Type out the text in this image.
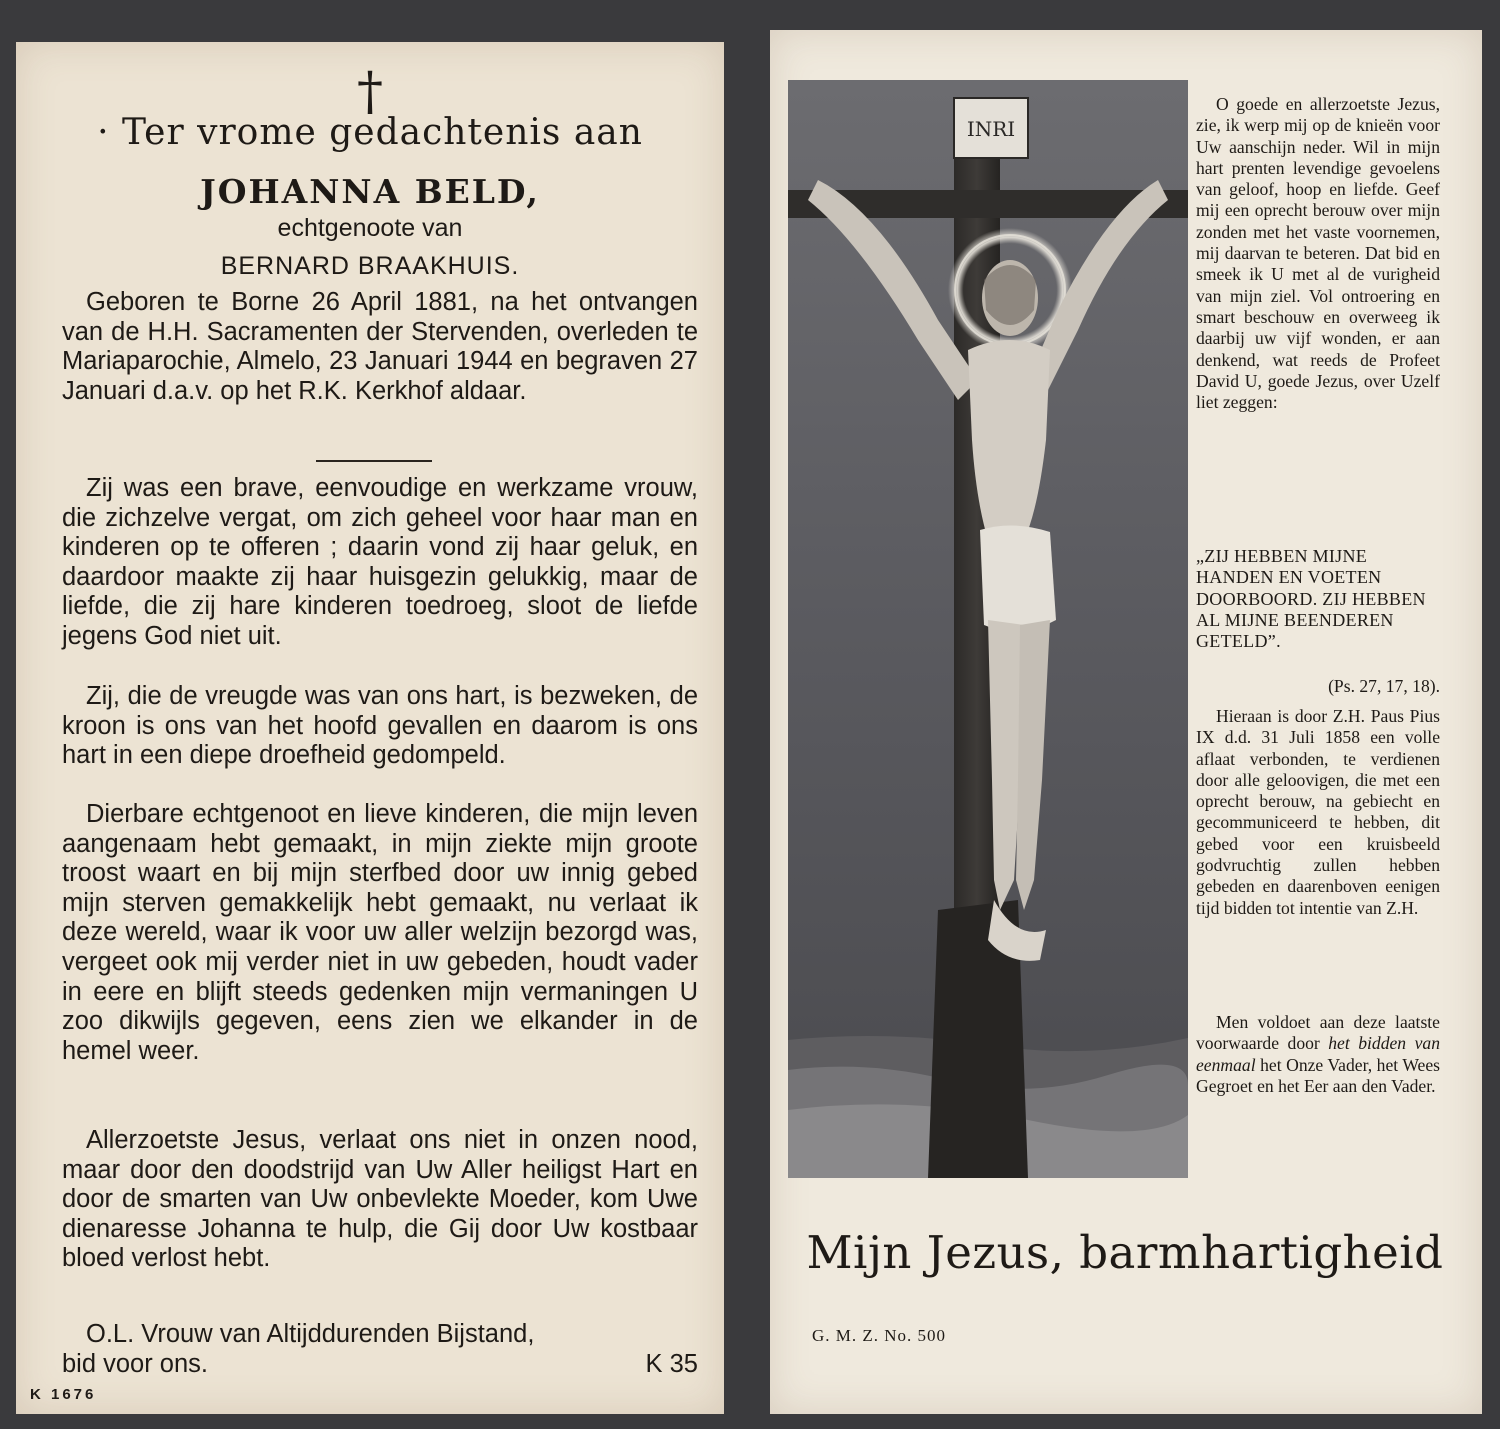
†
· Ter vrome gedachtenis aan
JOHANNA BELD,
echtgenoote van
BERNARD BRAAKHUIS.
Geboren te Borne 26 April 1881, na het ontvangen van de H.H. Sacramenten der Stervenden, overleden te Mariaparochie, Almelo, 23 Januari 1944 en begraven 27 Januari d.a.v. op het R.K. Kerkhof aldaar.
Zij was een brave, eenvoudige en werkzame vrouw, die zichzelve vergat, om zich geheel voor haar man en kinderen op te offeren ; daarin vond zij haar geluk, en daardoor maakte zij haar huisgezin gelukkig, maar de liefde, die zij hare kinderen toedroeg, sloot de liefde jegens God niet uit.
Zij, die de vreugde was van ons hart, is bezweken, de kroon is ons van het hoofd gevallen en daarom is ons hart in een diepe droefheid gedompeld.
Dierbare echtgenoot en lieve kinderen, die mijn leven aangenaam hebt gemaakt, in mijn ziekte mijn groote troost waart en bij mijn sterfbed door uw innig gebed mijn sterven gemakkelijk hebt gemaakt, nu verlaat ik deze wereld, waar ik voor uw aller welzijn bezorgd was, vergeet ook mij verder niet in uw gebeden, houdt vader in eere en blijft steeds gedenken mijn vermaningen U zoo dikwijls gegeven, eens zien we elkander in de hemel weer.
Allerzoetste Jesus, verlaat ons niet in onzen nood, maar door den doodstrijd van Uw Aller heiligst Hart en door de smarten van Uw onbevlekte Moeder, kom Uwe dienaresse Johanna te hulp, die Gij door Uw kostbaar bloed verlost hebt.
O.L. Vrouw van Altijddurenden Bijstand,
bid voor ons.	K 35
K 1676
INRI
O goede en allerzoetste Jezus, zie, ik werp mij op de knieën voor Uw aanschijn neder. Wil in mijn hart prenten levendige gevoelens van geloof, hoop en liefde. Geef mij een oprecht berouw over mijn zonden met het vaste voornemen, mij daarvan te beteren. Dat bid en smeek ik U met al de vurigheid van mijn ziel. Vol ontroering en smart beschouw en overweeg ik daarbij uw vijf wonden, er aan denkend, wat reeds de Profeet David U, goede Jezus, over Uzelf liet zeggen:
„ZIJ HEBBEN MIJNE HANDEN EN VOETEN DOORBOORD. ZIJ HEBBEN AL MIJNE BEENDEREN GETELD”.
(Ps. 27, 17, 18).
Hieraan is door Z.H. Paus Pius IX d.d. 31 Juli 1858 een volle aflaat verbonden, te verdienen door alle geloovigen, die met een oprecht berouw, na gebiecht en gecommuniceerd te hebben, dit gebed voor een kruisbeeld godvruchtig zullen hebben gebeden en daarenboven eenigen tijd bidden tot intentie van Z.H.
Men voldoet aan deze laatste voorwaarde door het bidden van eenmaal het Onze Vader, het Wees Gegroet en het Eer aan den Vader.
Mijn Jezus, barmhartigheid
G. M. Z. No. 500
